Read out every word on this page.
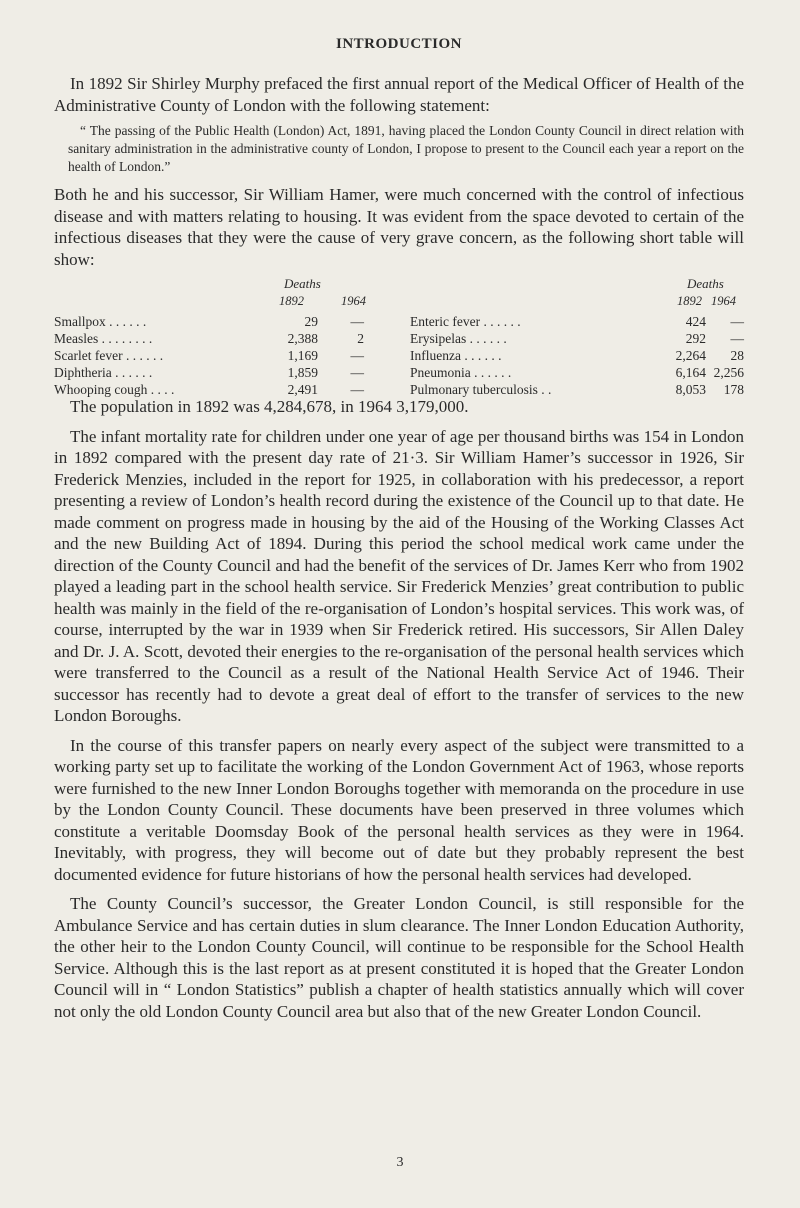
INTRODUCTION

In 1892 Sir Shirley Murphy prefaced the first annual report of the Medical Officer of Health of the Administrative County of London with the following statement:

“ The passing of the Public Health (London) Act, 1891, having placed the London County Council in direct relation with sanitary administration in the administrative county of London, I propose to present to the Council each year a report on the health of London.”

Both he and his successor, Sir William Hamer, were much concerned with the control of infectious disease and with matters relating to housing. It was evident from the space devoted to certain of the infectious diseases that they were the cause of very grave concern, as the following short table will show:

Deaths
1892	1964
Smallpox . . . . . .	29 —
Measles . . . . . . . .	2,388	2
Scarlet fever . . . . . .	1,169 —
Diphtheria . . . . . .	1,859 —
Whooping cough . . . .	2,491 —
Deaths
1892 1964
Enteric fever . . . . . .	424 —
Erysipelas . . . . . .	292 —
Influenza . . . . . .	2,264 28
Pneumonia . . . . . .	6,164 2,256
Pulmonary tuberculosis . .	8,053 178

The population in 1892 was 4,284,678, in 1964 3,179,000.

The infant mortality rate for children under one year of age per thousand births was 154 in London in 1892 compared with the present day rate of 21·3. Sir William Hamer’s successor in 1926, Sir Frederick Menzies, included in the report for 1925, in collaboration with his predecessor, a report presenting a review of London’s health record during the existence of the Council up to that date. He made comment on progress made in housing by the aid of the Housing of the Working Classes Act and the new Building Act of 1894. During this period the school medical work came under the direction of the County Council and had the benefit of the services of Dr. James Kerr who from 1902 played a leading part in the school health service. Sir Frederick Menzies’ great contribution to public health was mainly in the field of the re-organisation of London’s hospital services. This work was, of course, interrupted by the war in 1939 when Sir Frederick retired. His successors, Sir Allen Daley and Dr. J. A. Scott, devoted their energies to the re-organisation of the personal health services which were transferred to the Council as a result of the National Health Service Act of 1946. Their successor has recently had to devote a great deal of effort to the transfer of services to the new London Boroughs.

In the course of this transfer papers on nearly every aspect of the subject were transmitted to a working party set up to facilitate the working of the London Government Act of 1963, whose reports were furnished to the new Inner London Boroughs together with memoranda on the procedure in use by the London County Council. These documents have been preserved in three volumes which constitute a veritable Doomsday Book of the personal health services as they were in 1964. Inevitably, with progress, they will become out of date but they probably represent the best documented evidence for future historians of how the personal health services had developed.

The County Council’s successor, the Greater London Council, is still responsible for the Ambulance Service and has certain duties in slum clearance. The Inner London Education Authority, the other heir to the London County Council, will continue to be responsible for the School Health Service. Although this is the last report as at present constituted it is hoped that the Greater London Council will in “ London Statistics” publish a chapter of health statistics annually which will cover not only the old London County Council area but also that of the new Greater London Council.

3
